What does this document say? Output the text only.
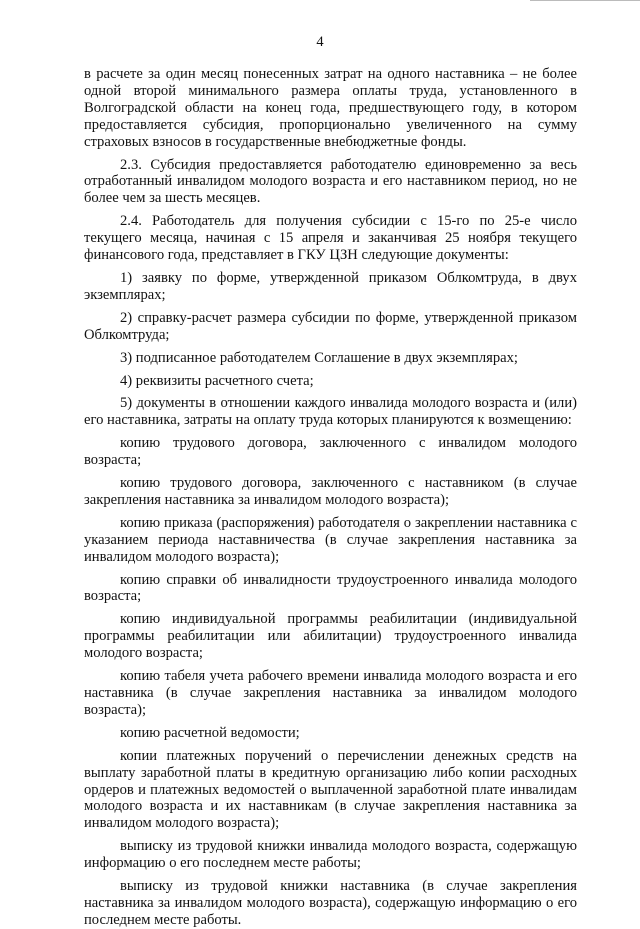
4

в расчете за один месяц понесенных затрат на одного наставника – не более одной второй минимального размера оплаты труда, установленного в Волгоградской области на конец года, предшествующего году, в котором предоставляется субсидия, пропорционально увеличенного на сумму страховых взносов в государственные внебюджетные фонды.

2.3. Субсидия предоставляется работодателю единовременно за весь отработанный инвалидом молодого возраста и его наставником период, но не более чем за шесть месяцев.

2.4. Работодатель для получения субсидии с 15-го по 25-е число текущего месяца, начиная с 15 апреля и заканчивая 25 ноября текущего финансового года, представляет в ГКУ ЦЗН следующие документы:

1) заявку по форме, утвержденной приказом Облкомтруда, в двух экземплярах;

2) справку-расчет размера субсидии по форме, утвержденной приказом Облкомтруда;

3) подписанное работодателем Соглашение в двух экземплярах;

4) реквизиты расчетного счета;

5) документы в отношении каждого инвалида молодого возраста и (или) его наставника, затраты на оплату труда которых планируются к возмещению:

копию трудового договора, заключенного с инвалидом молодого возраста;

копию трудового договора, заключенного с наставником (в случае закрепления наставника за инвалидом молодого возраста);

копию приказа (распоряжения) работодателя о закреплении наставника с указанием периода наставничества (в случае закрепления наставника за инвалидом молодого возраста);

копию справки об инвалидности трудоустроенного инвалида молодого возраста;

копию индивидуальной программы реабилитации (индивидуальной программы реабилитации или абилитации) трудоустроенного инвалида молодого возраста;

копию табеля учета рабочего времени инвалида молодого возраста и его наставника (в случае закрепления наставника за инвалидом молодого возраста);

копию расчетной ведомости;

копии платежных поручений о перечислении денежных средств на выплату заработной платы в кредитную организацию либо копии расходных ордеров и платежных ведомостей о выплаченной заработной плате инвалидам молодого возраста и их наставникам (в случае закрепления наставника за инвалидом молодого возраста);

выписку из трудовой книжки инвалида молодого возраста, содержащую информацию о его последнем месте работы;

выписку из трудовой книжки наставника (в случае закрепления наставника за инвалидом молодого возраста), содержащую информацию о его последнем месте работы.
